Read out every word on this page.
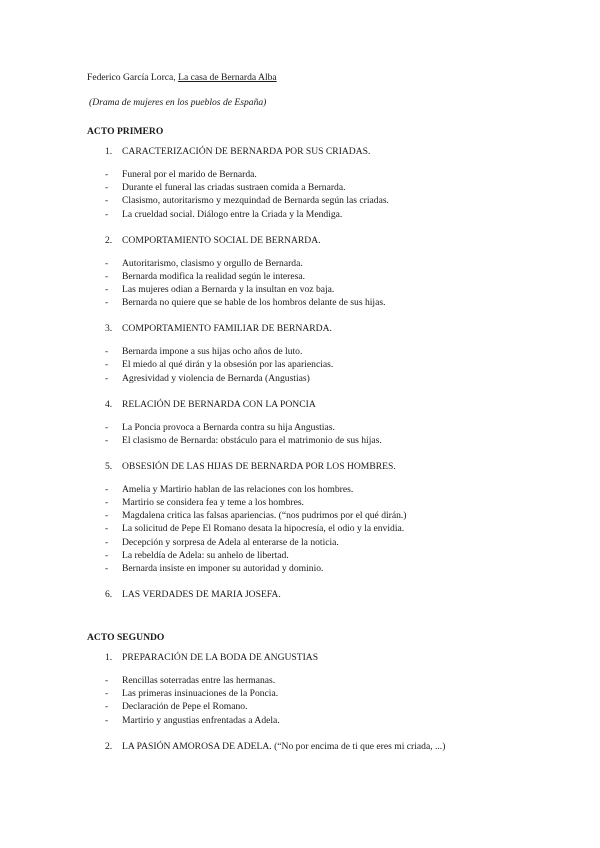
Federico García Lorca, La casa de Bernarda Alba
(Drama de mujeres en los pueblos de España)
ACTO PRIMERO
1.	CARACTERIZACIÓN DE BERNARDA POR SUS CRIADAS.
- Funeral por el marido de Bernarda.
- Durante el funeral las criadas sustraen comida a Bernarda.
- Clasismo, autoritarismo y mezquindad de Bernarda según las criadas.
- La crueldad social. Diálogo entre la Criada y la Mendiga.
2.	COMPORTAMIENTO SOCIAL DE BERNARDA.
- Autoritarismo, clasismo y orgullo de Bernarda.
- Bernarda modifica la realidad según le interesa.
- Las mujeres odian a Bernarda y la insultan en voz baja.
- Bernarda no quiere que se hable de los hombros delante de sus hijas.
3.	COMPORTAMIENTO FAMILIAR DE BERNARDA.
- Bernarda impone a sus hijas ocho años de luto.
- El miedo al qué dirán y la obsesión por las apariencias.
- Agresividad y violencia de Bernarda (Angustias)
4.	RELACIÓN DE BERNARDA CON LA PONCIA
- La Poncia provoca a Bernarda contra su hija Angustias.
- El clasismo de Bernarda: obstáculo para el matrimonio de sus hijas.
5.	OBSESIÓN DE LAS HIJAS DE BERNARDA POR LOS HOMBRES.
- Amelia y Martirio hablan de las relaciones con los hombres.
- Martirio se considera fea y teme a los hombres.
- Magdalena critica las falsas apariencias. (“nos pudrimos por el qué dirán.)
- La solicitud de Pepe El Romano desata la hipocresía, el odio y la envidia.
- Decepción y sorpresa de Adela al enterarse de la noticia.
- La rebeldía de Adela: su anhelo de libertad.
- Bernarda insiste en imponer su autoridad y dominio.
6.	LAS VERDADES DE MARIA JOSEFA.
ACTO SEGUNDO
1.	PREPARACIÓN DE LA BODA DE ANGUSTIAS
- Rencillas soterradas entre las hermanas.
- Las primeras insinuaciones de la Poncia.
- Declaración de Pepe el Romano.
- Martirio y angustias enfrentadas a Adela.
2.	LA PASIÓN AMOROSA DE ADELA. (“No por encima de ti que eres mi criada, ...)
